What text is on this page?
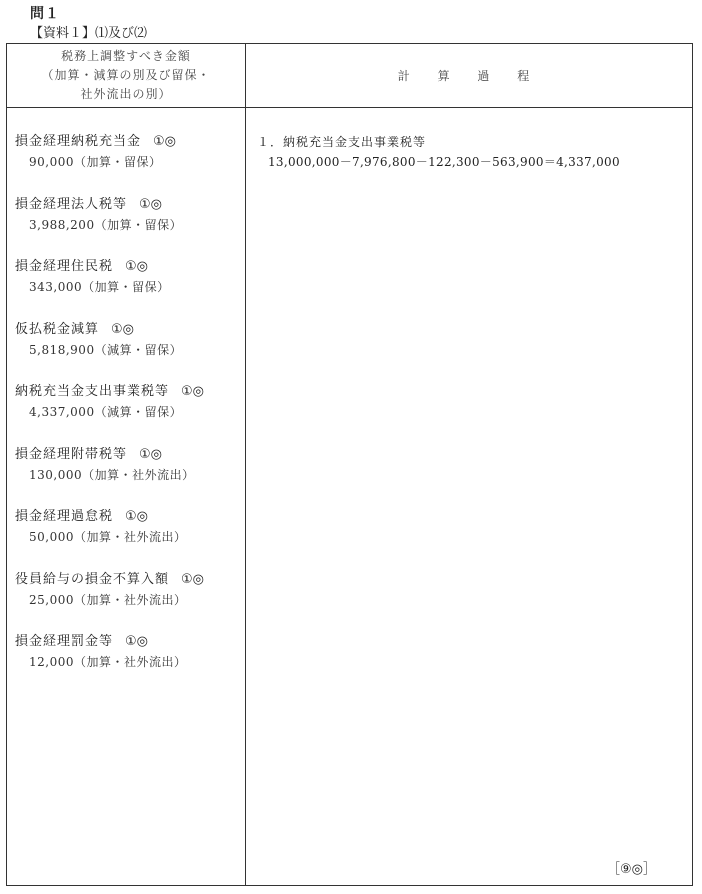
問１
【資料１】⑴及び⑵
税務上調整すべき金額
（加算・減算の別及び留保・
社外流出の別）
計 算 過 程
損金経理納税充当金 ①◎
90,000（加算・留保）
損金経理法人税等 ①◎
3,988,200（加算・留保）
損金経理住民税 ①◎
343,000（加算・留保）
仮払税金減算 ①◎
5,818,900（減算・留保）
納税充当金支出事業税等 ①◎
4,337,000（減算・留保）
損金経理附帯税等 ①◎
130,000（加算・社外流出）
損金経理過怠税 ①◎
50,000（加算・社外流出）
役員給与の損金不算入額 ①◎
25,000（加算・社外流出）
損金経理罰金等 ①◎
12,000（加算・社外流出）
１．納税充当金支出事業税等
13,000,000－7,976,800－122,300－563,900＝4,337,000
［⑨◎］
